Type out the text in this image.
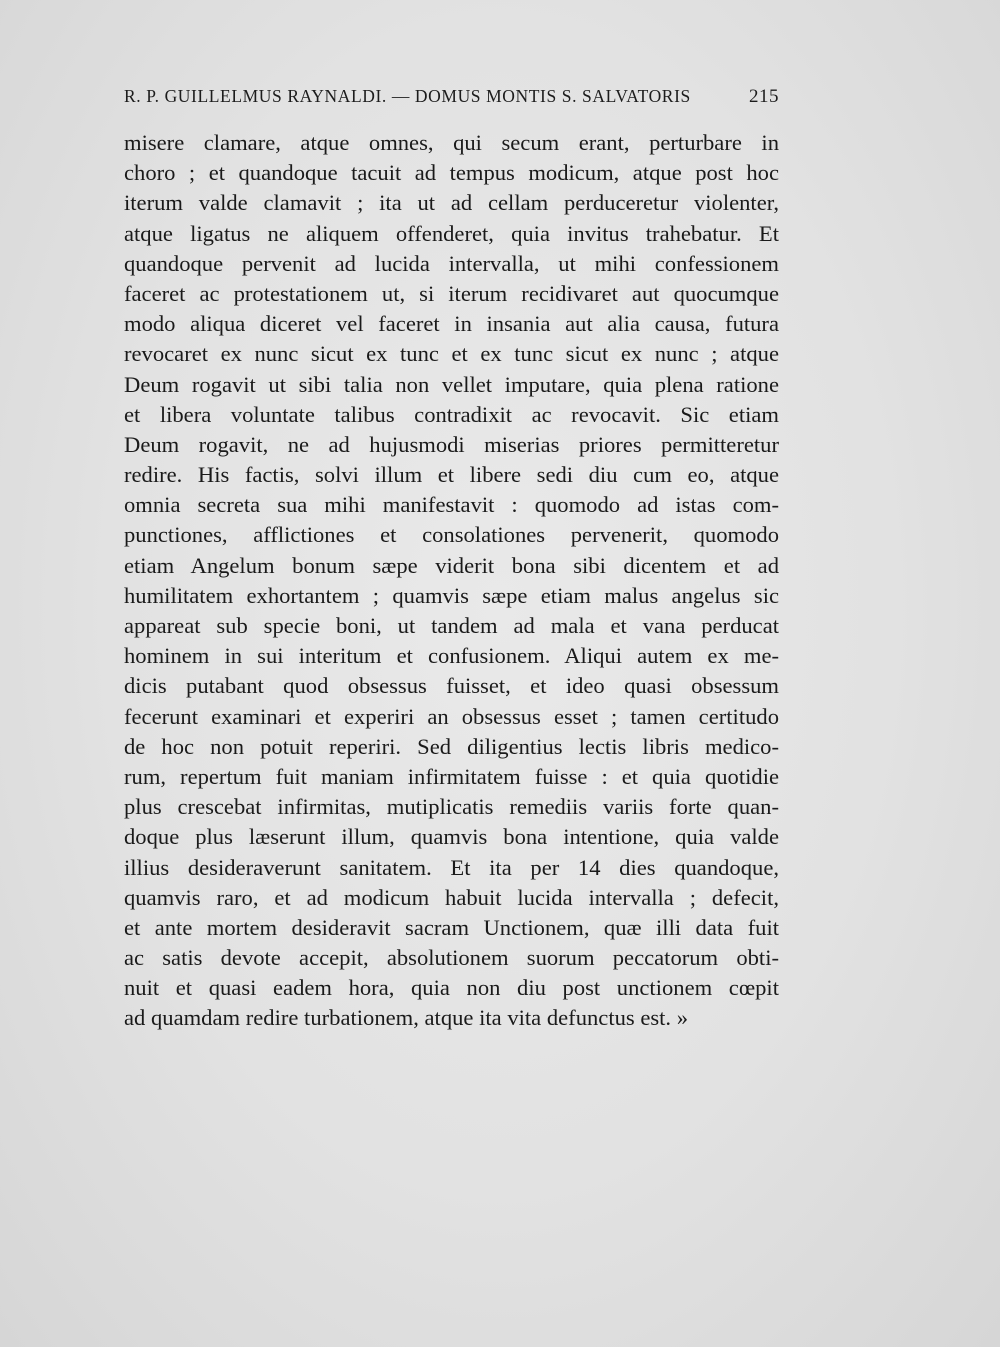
R. P. GUILLELMUS RAYNALDI. — DOMUS MONTIS S. SALVATORIS	215
misere clamare, atque omnes, qui secum erant, perturbare in
choro ; et quandoque tacuit ad tempus modicum, atque post hoc
iterum valde clamavit ; ita ut ad cellam perduceretur violenter,
atque ligatus ne aliquem offenderet, quia invitus trahebatur. Et
quandoque pervenit ad lucida intervalla, ut mihi confessionem
faceret ac protestationem ut, si iterum recidivaret aut quocumque
modo aliqua diceret vel faceret in insania aut alia causa, futura
revocaret ex nunc sicut ex tunc et ex tunc sicut ex nunc ; atque
Deum rogavit ut sibi talia non vellet imputare, quia plena ratione
et libera voluntate talibus contradixit ac revocavit. Sic etiam
Deum rogavit, ne ad hujusmodi miserias priores permitteretur
redire. His factis, solvi illum et libere sedi diu cum eo, atque
omnia secreta sua mihi manifestavit : quomodo ad istas com-
punctiones, afflictiones et consolationes pervenerit, quomodo
etiam Angelum bonum sæpe viderit bona sibi dicentem et ad
humilitatem exhortantem ; quamvis sæpe etiam malus angelus sic
appareat sub specie boni, ut tandem ad mala et vana perducat
hominem in sui interitum et confusionem. Aliqui autem ex me-
dicis putabant quod obsessus fuisset, et ideo quasi obsessum
fecerunt examinari et experiri an obsessus esset ; tamen certitudo
de hoc non potuit reperiri. Sed diligentius lectis libris medico-
rum, repertum fuit maniam infirmitatem fuisse : et quia quotidie
plus crescebat infirmitas, mutiplicatis remediis variis forte quan-
doque plus læserunt illum, quamvis bona intentione, quia valde
illius desideraverunt sanitatem. Et ita per 14 dies quandoque,
quamvis raro, et ad modicum habuit lucida intervalla ; defecit,
et ante mortem desideravit sacram Unctionem, quæ illi data fuit
ac satis devote accepit, absolutionem suorum peccatorum obti-
nuit et quasi eadem hora, quia non diu post unctionem cœpit
ad quamdam redire turbationem, atque ita vita defunctus est. »
